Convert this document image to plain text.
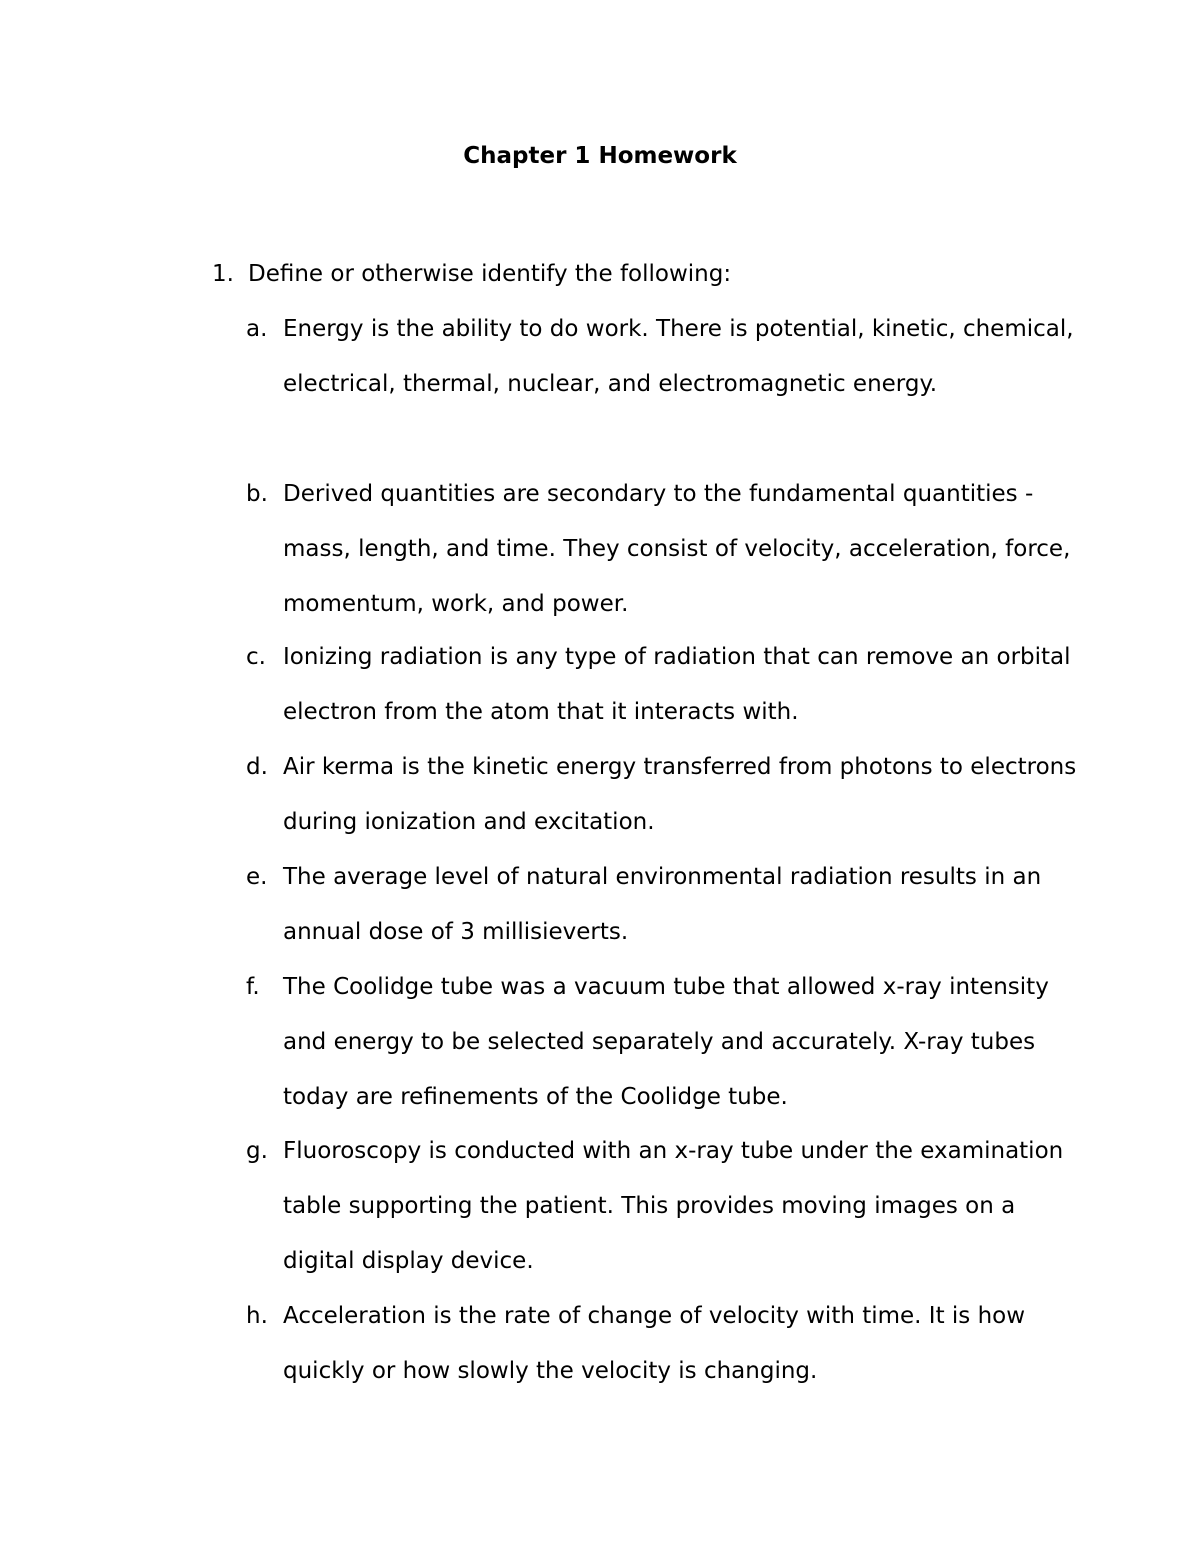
Chapter 1 Homework
1. Define or otherwise identify the following:
a. Energy is the ability to do work. There is potential, kinetic, chemical, electrical, thermal, nuclear, and electromagnetic energy.
b. Derived quantities are secondary to the fundamental quantities - mass, length, and time. They consist of velocity, acceleration, force, momentum, work, and power.
c. Ionizing radiation is any type of radiation that can remove an orbital electron from the atom that it interacts with.
d. Air kerma is the kinetic energy transferred from photons to electrons during ionization and excitation.
e. The average level of natural environmental radiation results in an annual dose of 3 millisieverts.
f. The Coolidge tube was a vacuum tube that allowed x-ray intensity and energy to be selected separately and accurately. X-ray tubes today are refinements of the Coolidge tube.
g. Fluoroscopy is conducted with an x-ray tube under the examination table supporting the patient. This provides moving images on a digital display device.
h. Acceleration is the rate of change of velocity with time. It is how quickly or how slowly the velocity is changing.
